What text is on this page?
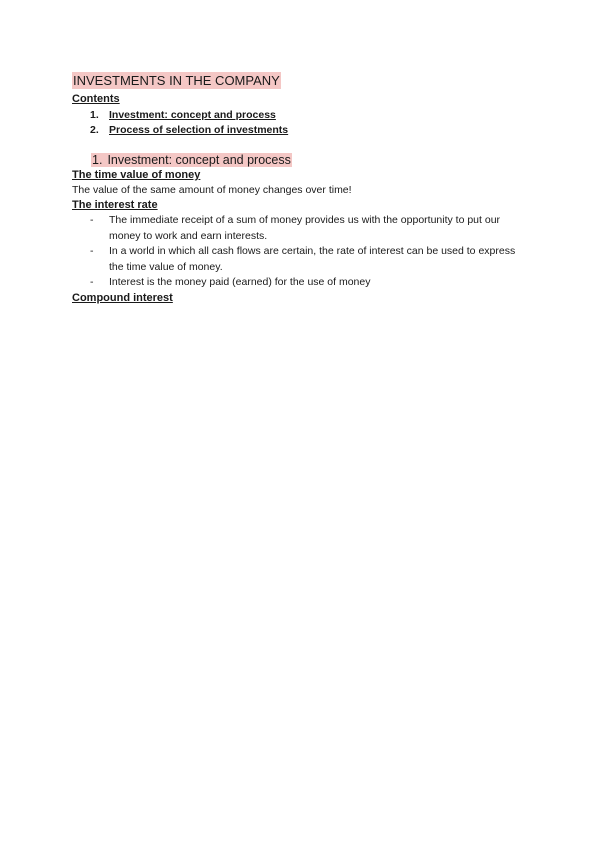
INVESTMENTS IN THE COMPANY
Contents
1. Investment: concept and process
2. Process of selection of investments
1. Investment: concept and process
The time value of money
The value of the same amount of money changes over time!
The interest rate
- The immediate receipt of a sum of money provides us with the opportunity to put our money to work and earn interests.
- In a world in which all cash flows are certain, the rate of interest can be used to express the time value of money.
- Interest is the money paid (earned) for the use of money
Compound interest
